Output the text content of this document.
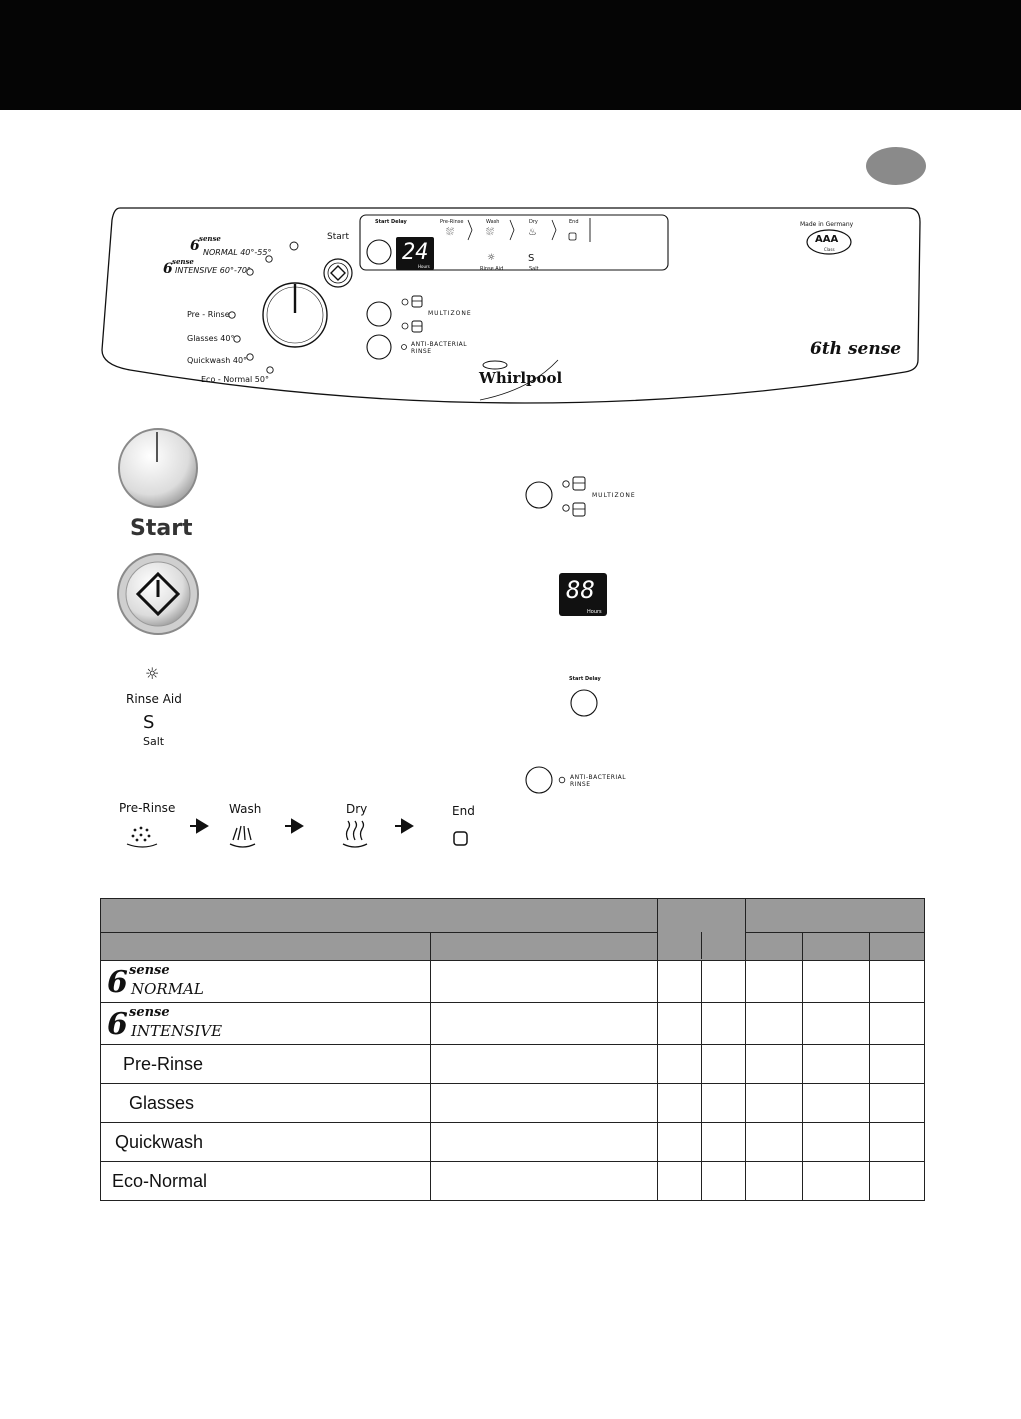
Start
Start Delay
24
Hours
Pre-Rinse	Wash	Dry	End
⛆	⛆	♨
☼
Rinse Aid
S
Salt
Made in Germany
AAA
Class
MULTIZONE
ANTI-BACTERIAL
RINSE
Whirlpool
6th sense
6 sense
NORMAL 40°-55°
6 sense
INTENSIVE 60°-70°
Pre - Rinse
Glasses 40°
Quickwash 40°
Eco - Normal 50°
Start
☼
Rinse Aid
S
Salt
Pre-Rinse	Wash	Dry	End
MULTIZONE
88
Hours
Start Delay
ANTI-BACTERIAL
RINSE

6 sense
NORMAL						

6 sense
INTENSIVE						

Pre-Rinse						
Glasses						
Quickwash						
Eco-Normal						
